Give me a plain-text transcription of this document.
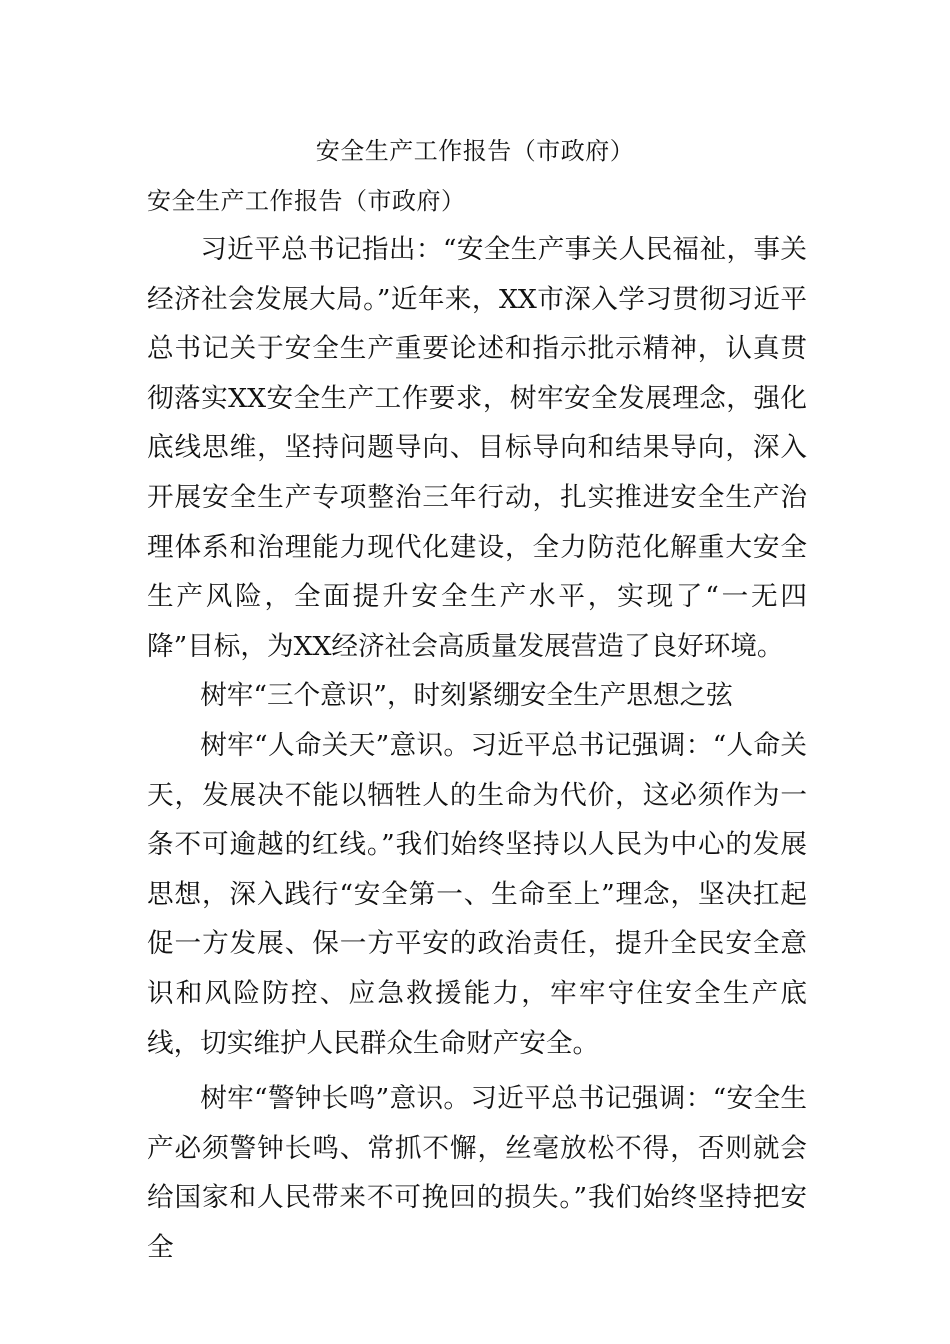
安全生产工作报告（市政府）
安全生产工作报告（市政府）

习近平总书记指出：“安全生产事关人民福祉，事关经济社会发展大局。”近年来，XX市深入学习贯彻习近平总书记关于安全生产重要论述和指示批示精神，认真贯彻落实XX安全生产工作要求，树牢安全发展理念，强化底线思维，坚持问题导向、目标导向和结果导向，深入开展安全生产专项整治三年行动，扎实推进安全生产治理体系和治理能力现代化建设，全力防范化解重大安全生产风险，全面提升安全生产水平，实现了“一无四降”目标，为XX经济社会高质量发展营造了良好环境。

树牢“三个意识”，时刻紧绷安全生产思想之弦

树牢“人命关天”意识。习近平总书记强调：“人命关天，发展决不能以牺牲人的生命为代价，这必须作为一条不可逾越的红线。”我们始终坚持以人民为中心的发展思想，深入践行“安全第一、生命至上”理念，坚决扛起促一方发展、保一方平安的政治责任，提升全民安全意识和风险防控、应急救援能力，牢牢守住安全生产底线，切实维护人民群众生命财产安全。

树牢“警钟长鸣”意识。习近平总书记强调：“安全生产必须警钟长鸣、常抓不懈，丝毫放松不得，否则就会给国家和人民带来不可挽回的损失。”我们始终坚持把安全
